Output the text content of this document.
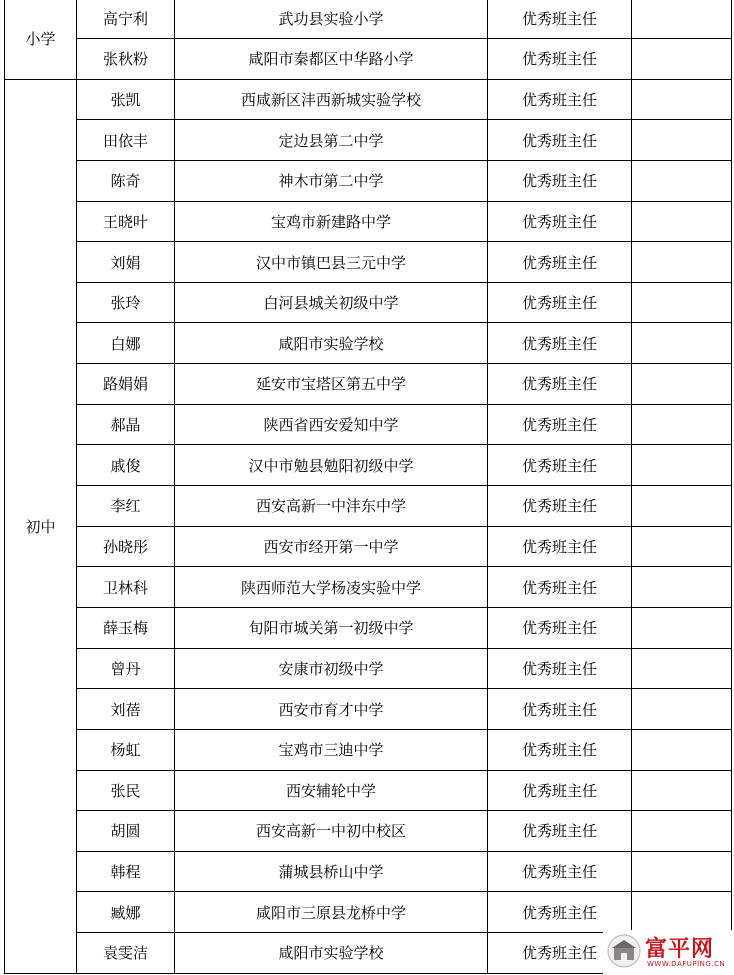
小学	高宁利	武功县实验小学	优秀班主任	
	张秋粉	咸阳市秦都区中华路小学	优秀班主任	
初中	张凯	西咸新区沣西新城实验学校	优秀班主任	
	田依丰	定边县第二中学	优秀班主任	
	陈奇	神木市第二中学	优秀班主任	
	王晓叶	宝鸡市新建路中学	优秀班主任	
	刘娟	汉中市镇巴县三元中学	优秀班主任	
	张玲	白河县城关初级中学	优秀班主任	
	白娜	咸阳市实验学校	优秀班主任	
	路娟娟	延安市宝塔区第五中学	优秀班主任	
	郝晶	陕西省西安爱知中学	优秀班主任	
	戚俊	汉中市勉县勉阳初级中学	优秀班主任	
	李红	西安高新一中沣东中学	优秀班主任	
	孙晓彤	西安市经开第一中学	优秀班主任	
	卫林科	陕西师范大学杨凌实验中学	优秀班主任	
	薛玉梅	旬阳市城关第一初级中学	优秀班主任	
	曾丹	安康市初级中学	优秀班主任	
	刘蓓	西安市育才中学	优秀班主任	
	杨虹	宝鸡市三迪中学	优秀班主任	
	张民	西安辅轮中学	优秀班主任	
	胡圆	西安高新一中初中校区	优秀班主任	
	韩程	蒲城县桥山中学	优秀班主任	
	臧娜	咸阳市三原县龙桥中学	优秀班主任	
	袁雯洁	咸阳市实验学校	优秀班主任	富平网
WWW.DAFUPING.CN
